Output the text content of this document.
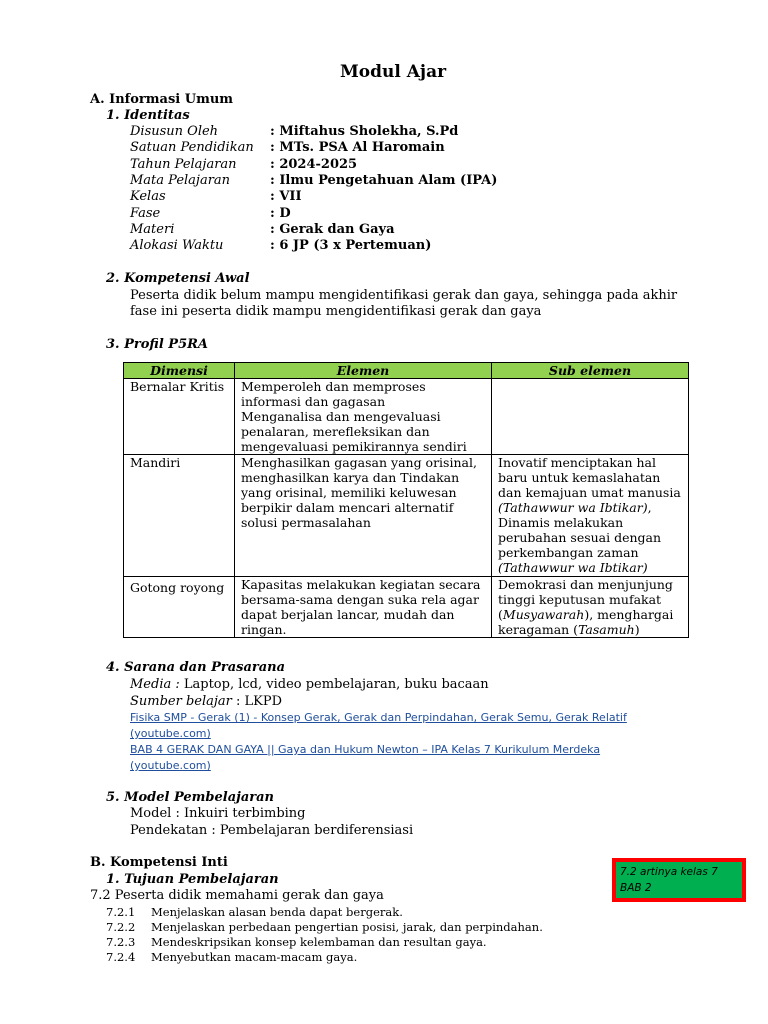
Modul Ajar
A. Informasi Umum
1. Identitas
Disusun Oleh	: Miftahus Sholekha, S.Pd
Satuan Pendidikan : MTs. PSA Al Haromain
Tahun Pelajaran	: 2024-2025
Mata Pelajaran	: Ilmu Pengetahuan Alam (IPA)
Kelas	: VII
Fase	: D
Materi	: Gerak dan Gaya
Alokasi Waktu	: 6 JP (3 x Pertemuan)
2. Kompetensi Awal
Peserta didik belum mampu mengidentifikasi gerak dan gaya, sehingga pada akhir fase ini peserta didik mampu mengidentifikasi gerak dan gaya
3. Profil P5RA
Dimensi	Elemen	Sub elemen
Bernalar Kritis	Memperoleh dan memproses informasi dan gagasan
Menganalisa dan mengevaluasi penalaran, merefleksikan dan mengevaluasi pemikirannya sendiri	
Mandiri	Menghasilkan gagasan yang orisinal, menghasilkan karya dan Tindakan yang orisinal, memiliki keluwesan berpikir dalam mencari alternatif solusi permasalahan	Inovatif menciptakan hal baru untuk kemaslahatan dan kemajuan umat manusia (Tathawwur wa Ibtikar), Dinamis melakukan perubahan sesuai dengan perkembangan zaman (Tathawwur wa Ibtikar)
Gotong royong	Kapasitas melakukan kegiatan secara bersama-sama dengan suka rela agar dapat berjalan lancar, mudah dan ringan.	Demokrasi dan menjunjung tinggi keputusan mufakat (Musyawarah), menghargai keragaman (Tasamuh)
4. Sarana dan Prasarana
Media : Laptop, lcd, video pembelajaran, buku bacaan
Sumber belajar : LKPD
Fisika SMP - Gerak (1) - Konsep Gerak, Gerak dan Perpindahan, Gerak Semu, Gerak Relatif
(youtube.com)
BAB 4 GERAK DAN GAYA || Gaya dan Hukum Newton – IPA Kelas 7 Kurikulum Merdeka
(youtube.com)
5. Model Pembelajaran
Model : Inkuiri terbimbing
Pendekatan : Pembelajaran berdiferensiasi
B. Kompetensi Inti
1. Tujuan Pembelajaran
7.2 Peserta didik memahami gerak dan gaya
7.2.1 Menjelaskan alasan benda dapat bergerak.
7.2.2 Menjelaskan perbedaan pengertian posisi, jarak, dan perpindahan.
7.2.3 Mendeskripsikan konsep kelembaman dan resultan gaya.
7.2.4 Menyebutkan macam-macam gaya.
7.2 artinya kelas 7
BAB 2
